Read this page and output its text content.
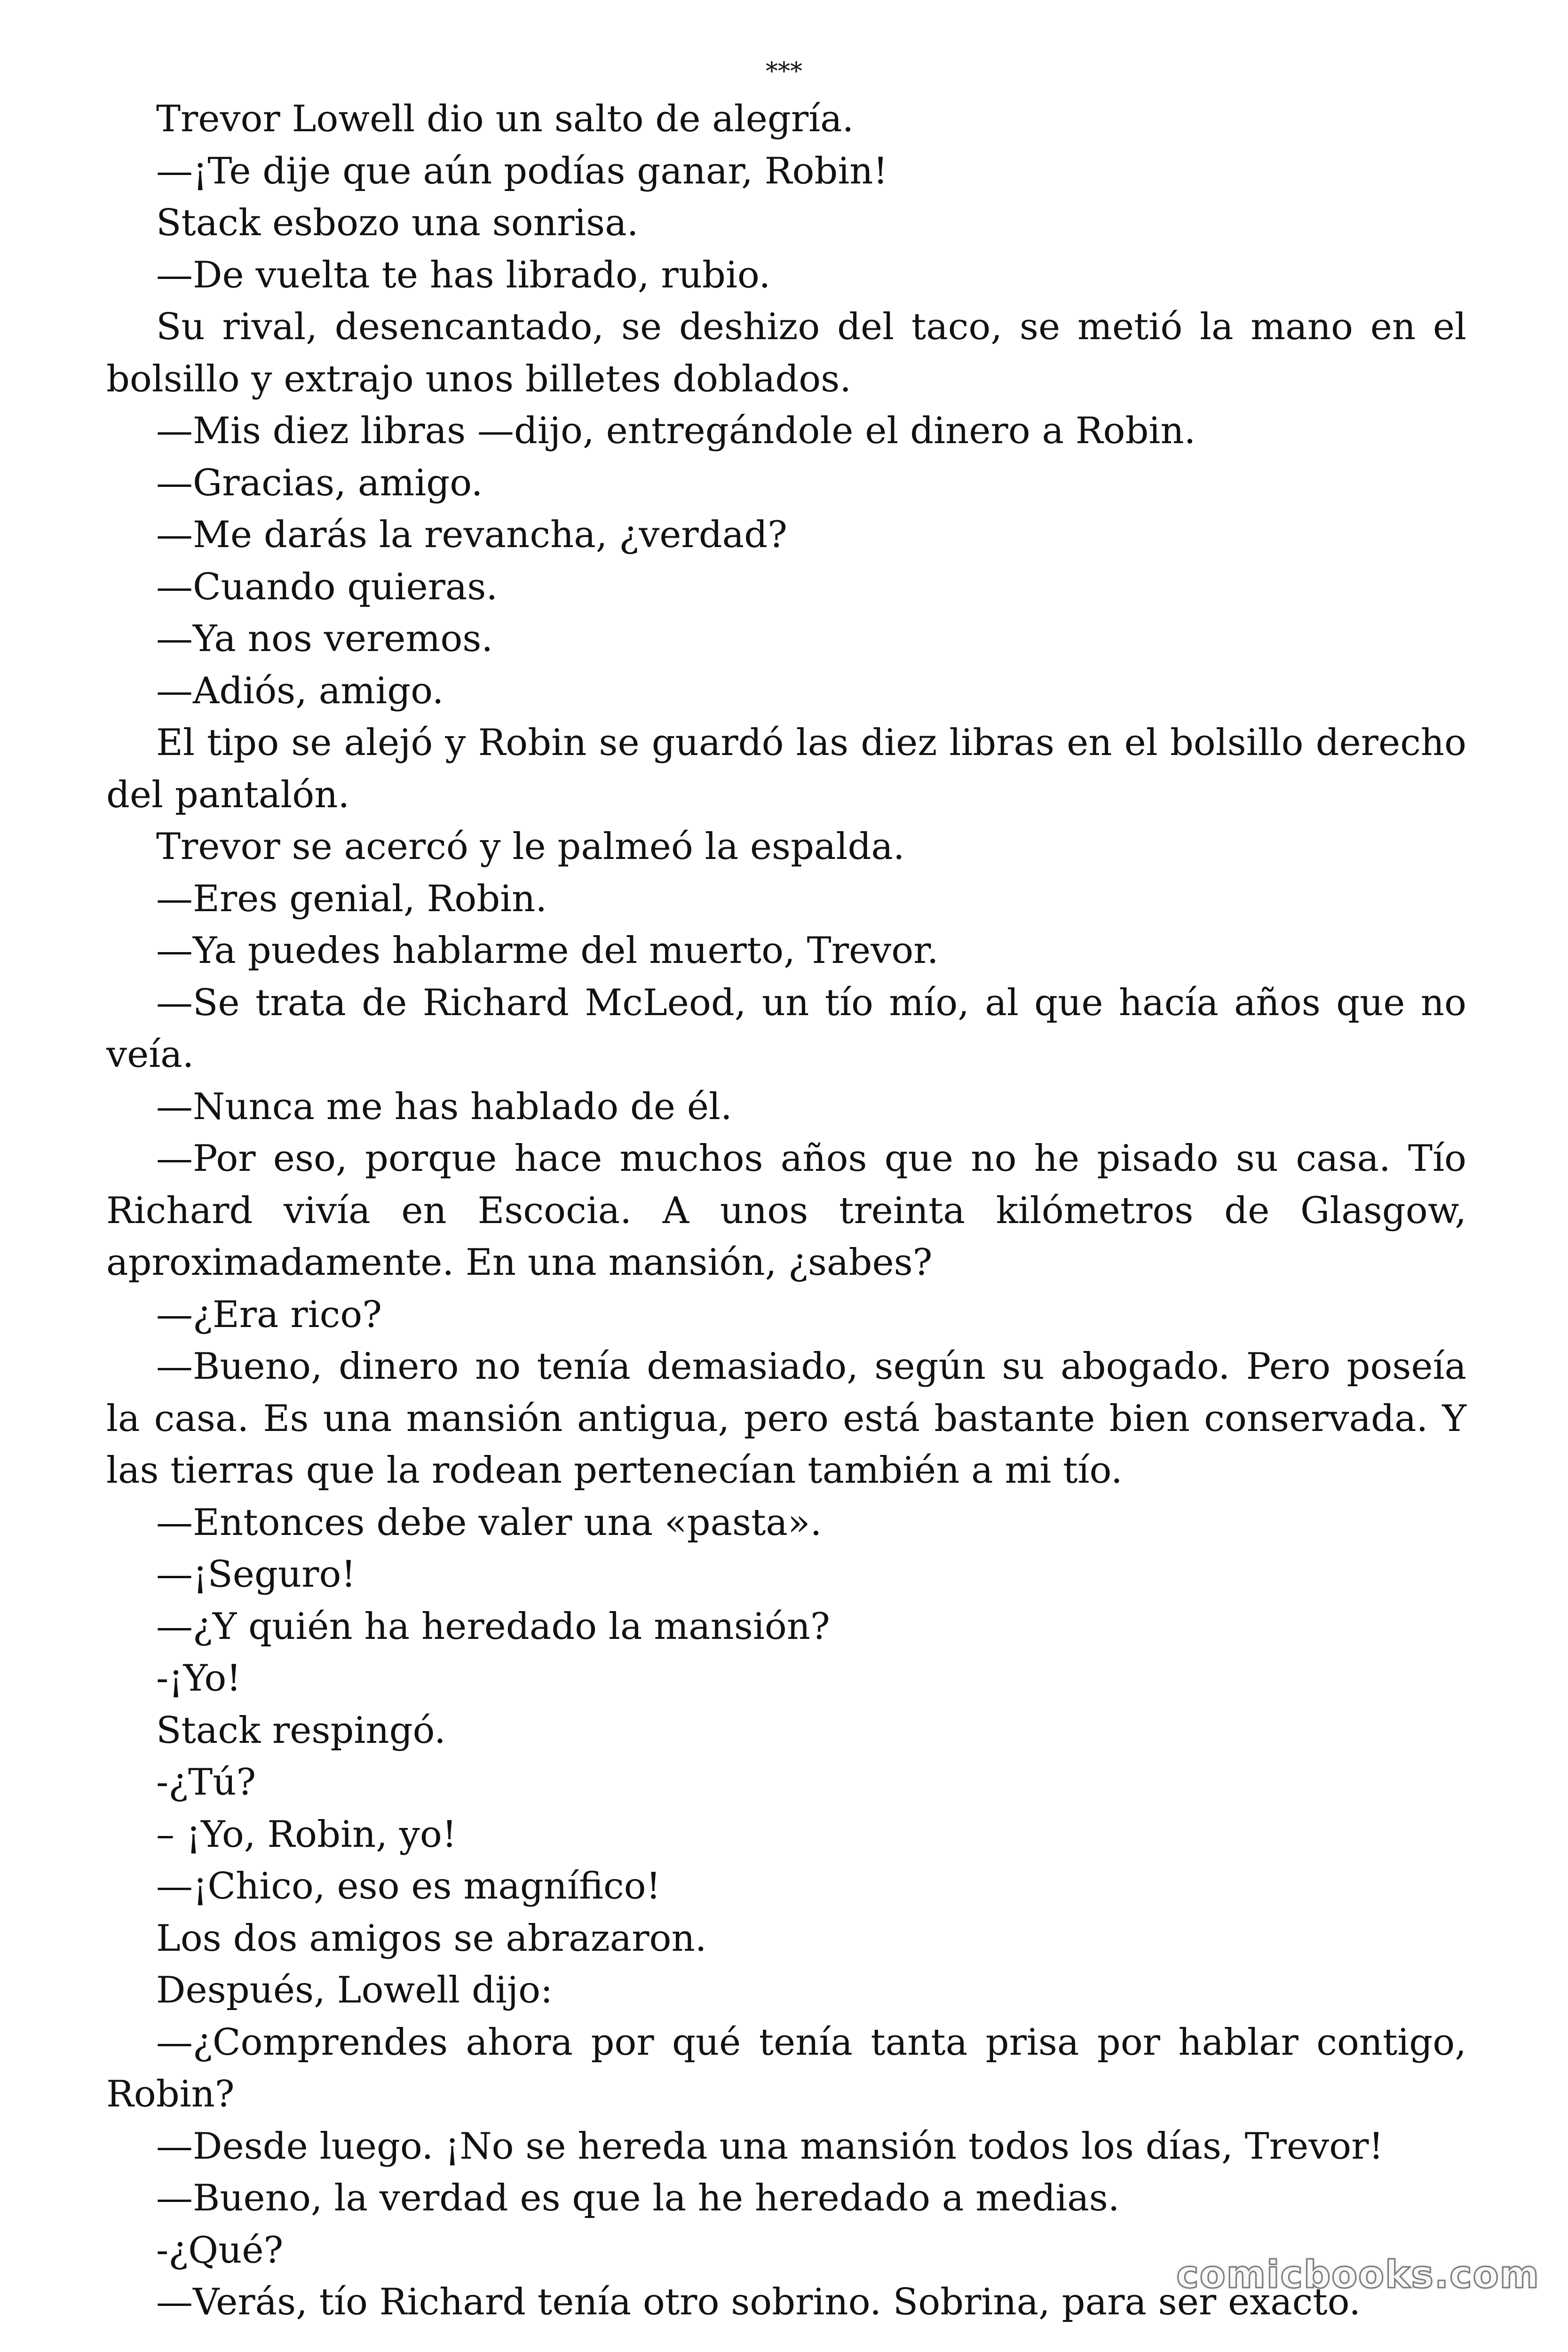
***

Trevor Lowell dio un salto de alegría.

—¡Te dije que aún podías ganar, Robin!

Stack esbozo una sonrisa.

—De vuelta te has librado, rubio.

Su rival, desencantado, se deshizo del taco, se metió la mano en el bolsillo y extrajo unos billetes doblados.

—Mis diez libras —dijo, entregándole el dinero a Robin.

—Gracias, amigo.

—Me darás la revancha, ¿verdad?

—Cuando quieras.

—Ya nos veremos.

—Adiós, amigo.

El tipo se alejó y Robin se guardó las diez libras en el bolsillo derecho del pantalón.

Trevor se acercó y le palmeó la espalda.

—Eres genial, Robin.

—Ya puedes hablarme del muerto, Trevor.

—Se trata de Richard McLeod, un tío mío, al que hacía años que no veía.

—Nunca me has hablado de él.

—Por eso, porque hace muchos años que no he pisado su casa. Tío Richard vivía en Escocia. A unos treinta kilómetros de Glasgow, aproximadamente. En una mansión, ¿sabes?

—¿Era rico?

—Bueno, dinero no tenía demasiado, según su abogado. Pero poseía la casa. Es una mansión antigua, pero está bastante bien conservada. Y las tierras que la rodean pertenecían también a mi tío.

—Entonces debe valer una «pasta».

—¡Seguro!

—¿Y quién ha heredado la mansión?

-¡Yo!

Stack respingó.

-¿Tú?

– ¡Yo, Robin, yo!

—¡Chico, eso es magnífico!

Los dos amigos se abrazaron.

Después, Lowell dijo:

—¿Comprendes ahora por qué tenía tanta prisa por hablar contigo, Robin?

—Desde luego. ¡No se hereda una mansión todos los días, Trevor!

—Bueno, la verdad es que la he heredado a medias.

-¿Qué?

—Verás, tío Richard tenía otro sobrino. Sobrina, para ser exacto.

comicbooks.com
